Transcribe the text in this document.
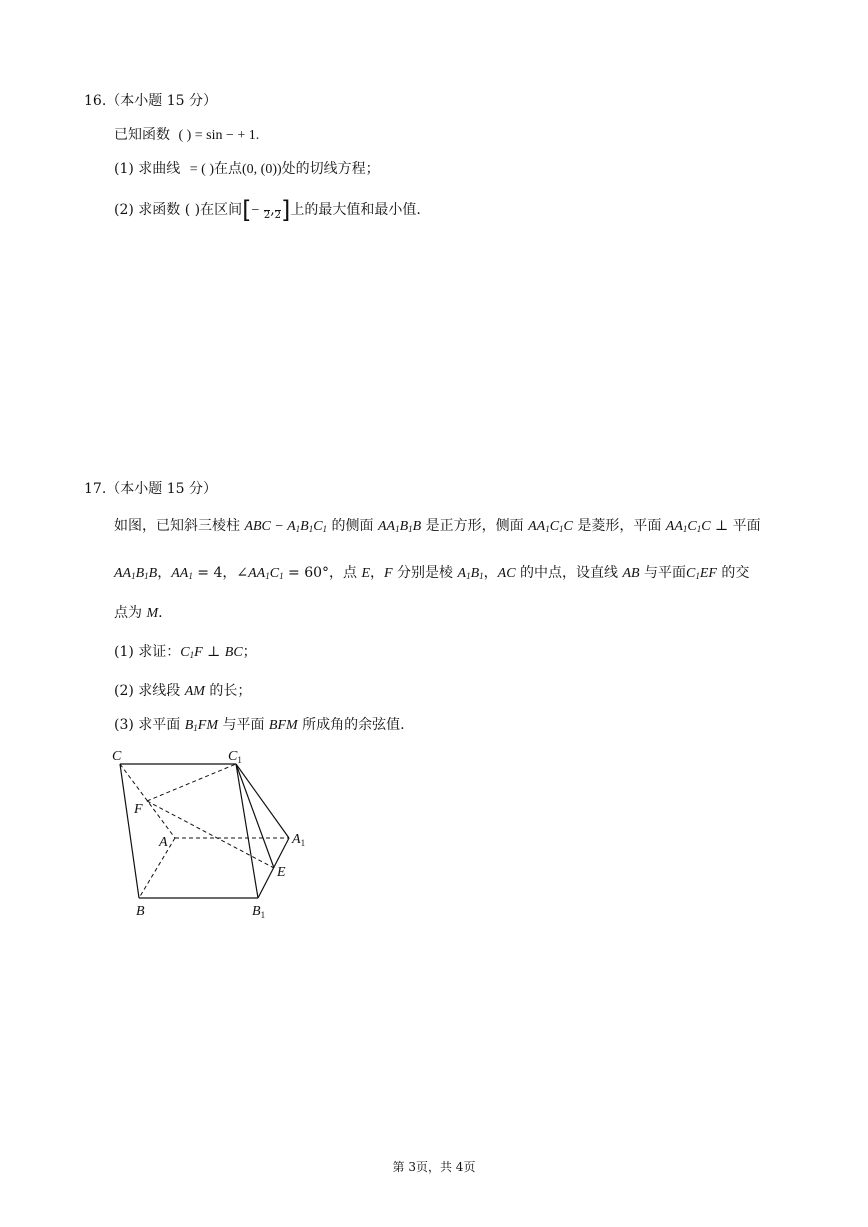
16.（本小题 15 分）
已知函数 ( ) = sin − + 1.
(1) 求曲线 = ( )在点(0, (0))处的切线方程；
(2) 求函数 ( )在区间[− 2 , 2 ]上的最大值和最小值.
17.（本小题 15 分）
如图，已知斜三棱柱 ABC − $A_1B_1C_1$ 的侧面 $AA_1B_1B$ 是正方形，侧面 $AA_1C_1C$ 是菱形，平面 $AA_1C_1C$ ⊥ 平面
$AA_1B_1B$，$AA_1 = 4$，$\angle AA_1C_1 = 60^\circ$，点 E，F 分别是棱 $A_1B_1$，AC 的中点，设直线 AB 与平面$C_1EF$ 的交
点为 M.
(1) 求证：$C_1F$ ⊥ BC；
(2) 求线段 AM 的长；
(3) 求平面 $B_1FM$ 与平面 BFM 所成角的余弦值.
C	$C_1$
F
A	$A_1$
E
B	$B_1$
第 3页，共 4页
